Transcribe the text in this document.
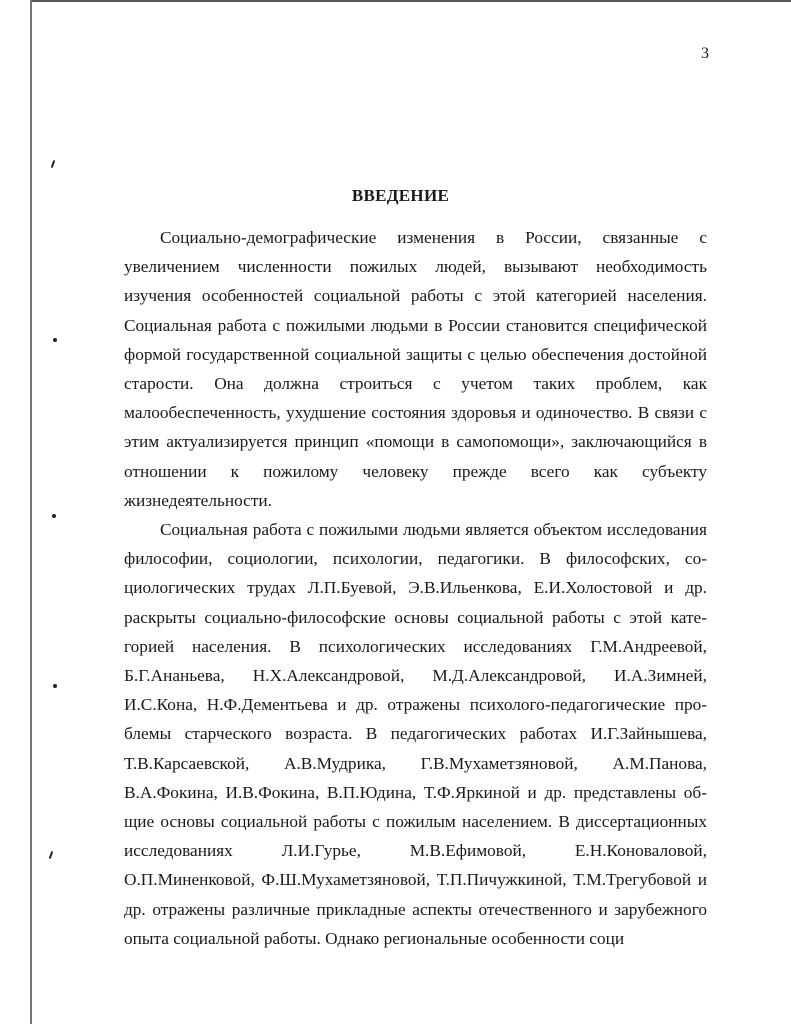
3
ВВЕДЕНИЕ

Социально-демографические изменения в России, связанные с увеличением численности пожилых людей, вызывают необходимость изучения особенностей социальной работы с этой категорией населения. Социальная работа с пожилыми людьми в России становится специфической формой государственной социальной защиты с целью обеспечения достойной старости. Она должна строиться с учетом таких проблем, как малообеспеченность, ухудшение состояния здоровья и одиночество. В связи с этим актуализируется принцип «помощи в самопомощи», заключающийся в отношении к пожилому человеку прежде всего как субъекту жизнедеятельности.

Социальная работа с пожилыми людьми является объектом исследования философии, социологии, психологии, педагогики. В философских, социологических трудах Л.П.Буевой, Э.В.Ильенкова, Е.И.Холостовой и др. раскрыты социально-философские основы социальной работы с этой категорией населения. В психологических исследованиях Г.М.Андреевой, Б.Г.Ананьева, Н.Х.Александровой, М.Д.Александровой, И.А.Зимней, И.С.Кона, Н.Ф.Дементьева и др. отражены психолого-педагогические проблемы старческого возраста. В педагогических работах И.Г.Зайнышева, Т.В.Карсаевской, А.В.Мудрика, Г.В.Мухаметзяновой, А.М.Панова, В.А.Фокина, И.В.Фокина, В.П.Юдина, Т.Ф.Яркиной и др. представлены общие основы социальной работы с пожилым населением. В диссертационных исследованиях Л.И.Гурье, М.В.Ефимовой, Е.Н.Коноваловой, О.П.Миненковой, Ф.Ш.Мухаметзяновой, Т.П.Пичужкиной, Т.М.Трегубовой и др. отражены различные прикладные аспекты отечественного и зарубежного опыта социальной работы. Однако региональные особенности соци
